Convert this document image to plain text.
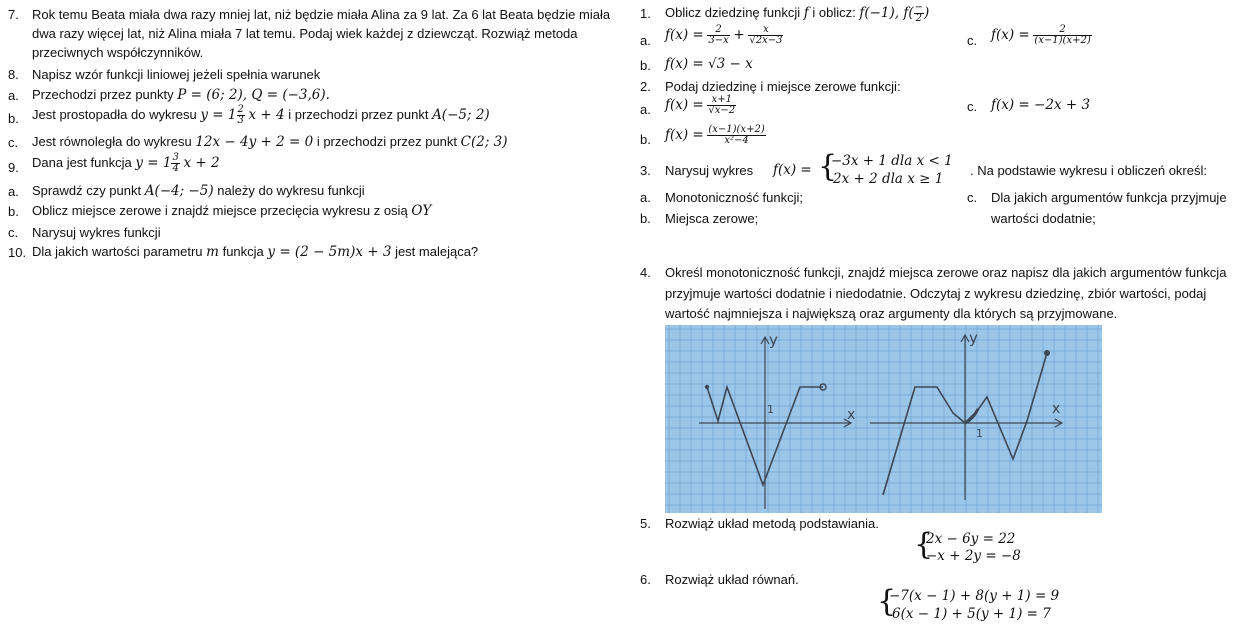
7.	Rok temu Beata miała dwa razy mniej lat, niż będzie miała Alina za 9 lat. Za 6 lat Beata będzie miała
dwa razy więcej lat, niż Alina miała 7 lat temu. Podaj wiek każdej z dziewcząt. Rozwiąż metoda
przeciwnych współczynników.
8.	Napisz wzór funkcji liniowej jeżeli spełnia warunek
a.	Przechodzi przez punkty P = (6; 2), Q = (−3,6).
b.	Jest prostopadła do wykresu $y = 1 \frac{2}{3}$ x + 4 i przechodzi przez punkt A(−5; 2)
c.	Jest równoległa do wykresu 12x − 4y + 2 = 0 i przechodzi przez punkt C(2; 3)
9.	Dana jest funkcja $y = 1 \frac{3}{4}$ x + 2
a.	Sprawdź czy punkt A(−4; −5) należy do wykresu funkcji
b.	Oblicz miejsce zerowe i znajdź miejsce przecięcia wykresu z osią OY
c.	Narysuj wykres funkcji
10. Dla jakich wartości parametru m funkcja y = (2 − 5m)x + 3 jest malejąca?
1.	Oblicz dziedzinę funkcji f i oblicz: f(−1), $f( \frac{-}{2}$ )
a.	$f(x) = \frac{2}{3-x} + \frac{x}{√2x-3}$	c.	$f(x) = \frac{2}{(x-1)(x+2)}$
b.	f(x) = √3 − x
2.	Podaj dziedzinę i miejsce zerowe funkcji:
a.	$f(x) = \frac{x+1}{√x-2}$	c.	f(x) = −2x + 3
b.	$f(x) = \frac{(x-1)(x+2)}{\text{x²−4}}$
3.	Narysuj wykres f(x) = {
−3x + 1 dla x < 1
2x + 2 dla x ≥ 1
. Na podstawie wykresu i obliczeń określ:
a.	Monotoniczność funkcji;
b.	Miejsca zerowe;
c.	Dla jakich argumentów funkcja przyjmuje
wartości dodatnie;
4.	Określ monotoniczność funkcji, znajdź miejsca zerowe oraz napisz dla jakich argumentów funkcja
przyjmuje wartości dodatnie i niedodatnie. Odczytaj z wykresu dziedzinę, zbiór wartości, podaj
wartość najmniejsza i największą oraz argumenty dla których są przyjmowane.
y
x
1
y
x
1
5.	Rozwiąż układ metodą podstawiania.
{
2x − 6y = 22
−x + 2y = −8
6.	Rozwiąż układ równań.
{
−7(x − 1) + 8(y + 1) = 9
6(x − 1) + 5(y + 1) = 7
